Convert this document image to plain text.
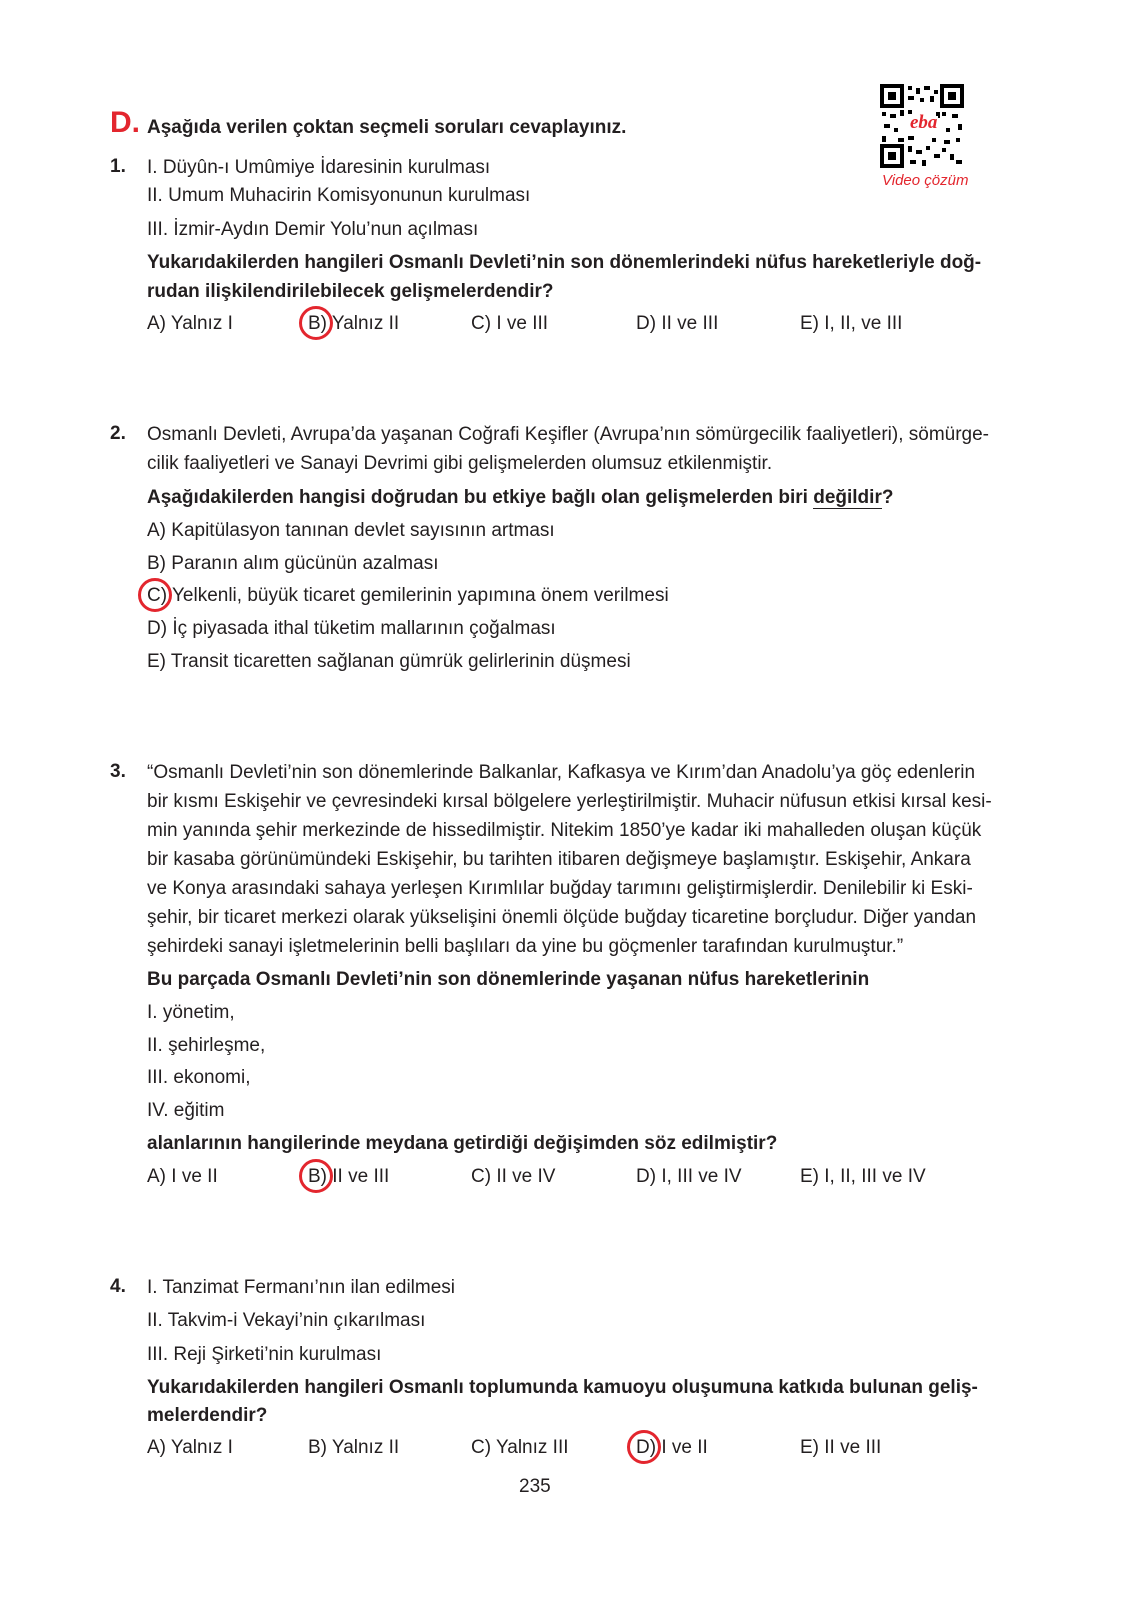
D. Aşağıda verilen çoktan seçmeli soruları cevaplayınız.	eba
Video çözüm
1. I. Düyûn-ı Umûmiye İdaresinin kurulması
II. Umum Muhacirin Komisyonunun kurulması
III. İzmir-Aydın Demir Yolu’nun açılması
Yukarıdakilerden hangileri Osmanlı Devleti’nin son dönemlerindeki nüfus hareketleriyle doğ-
rudan ilişkilendirilebilecek gelişmelerdendir?
A) Yalnız I	B) Yalnız II	C) I ve III	D) II ve III	E) I, II, ve III
2. Osmanlı Devleti, Avrupa’da yaşanan Coğrafi Keşifler (Avrupa’nın sömürgecilik faaliyetleri), sömürge-
cilik faaliyetleri ve Sanayi Devrimi gibi gelişmelerden olumsuz etkilenmiştir.
Aşağıdakilerden hangisi doğrudan bu etkiye bağlı olan gelişmelerden biri değildir?
A) Kapitülasyon tanınan devlet sayısının artması
B) Paranın alım gücünün azalması
C) Yelkenli, büyük ticaret gemilerinin yapımına önem verilmesi
D) İç piyasada ithal tüketim mallarının çoğalması
E) Transit ticaretten sağlanan gümrük gelirlerinin düşmesi
3. “Osmanlı Devleti’nin son dönemlerinde Balkanlar, Kafkasya ve Kırım’dan Anadolu’ya göç edenlerin
bir kısmı Eskişehir ve çevresindeki kırsal bölgelere yerleştirilmiştir. Muhacir nüfusun etkisi kırsal kesi-
min yanında şehir merkezinde de hissedilmiştir. Nitekim 1850’ye kadar iki mahalleden oluşan küçük
bir kasaba görünümündeki Eskişehir, bu tarihten itibaren değişmeye başlamıştır. Eskişehir, Ankara
ve Konya arasındaki sahaya yerleşen Kırımlılar buğday tarımını geliştirmişlerdir. Denilebilir ki Eski-
şehir, bir ticaret merkezi olarak yükselişini önemli ölçüde buğday ticaretine borçludur. Diğer yandan
şehirdeki sanayi işletmelerinin belli başlıları da yine bu göçmenler tarafından kurulmuştur.”
Bu parçada Osmanlı Devleti’nin son dönemlerinde yaşanan nüfus hareketlerinin
I. yönetim,
II. şehirleşme,
III. ekonomi,
IV. eğitim
alanlarının hangilerinde meydana getirdiği değişimden söz edilmiştir?
A) I ve II	B) II ve III	C) II ve IV	D) I, III ve IV	E) I, II, III ve IV
4. I. Tanzimat Fermanı’nın ilan edilmesi
II. Takvim-i Vekayi’nin çıkarılması
III. Reji Şirketi’nin kurulması
Yukarıdakilerden hangileri Osmanlı toplumunda kamuoyu oluşumuna katkıda bulunan geliş-
melerdendir?
A) Yalnız I	B) Yalnız II	C) Yalnız III	D) I ve II	E) II ve III
235
